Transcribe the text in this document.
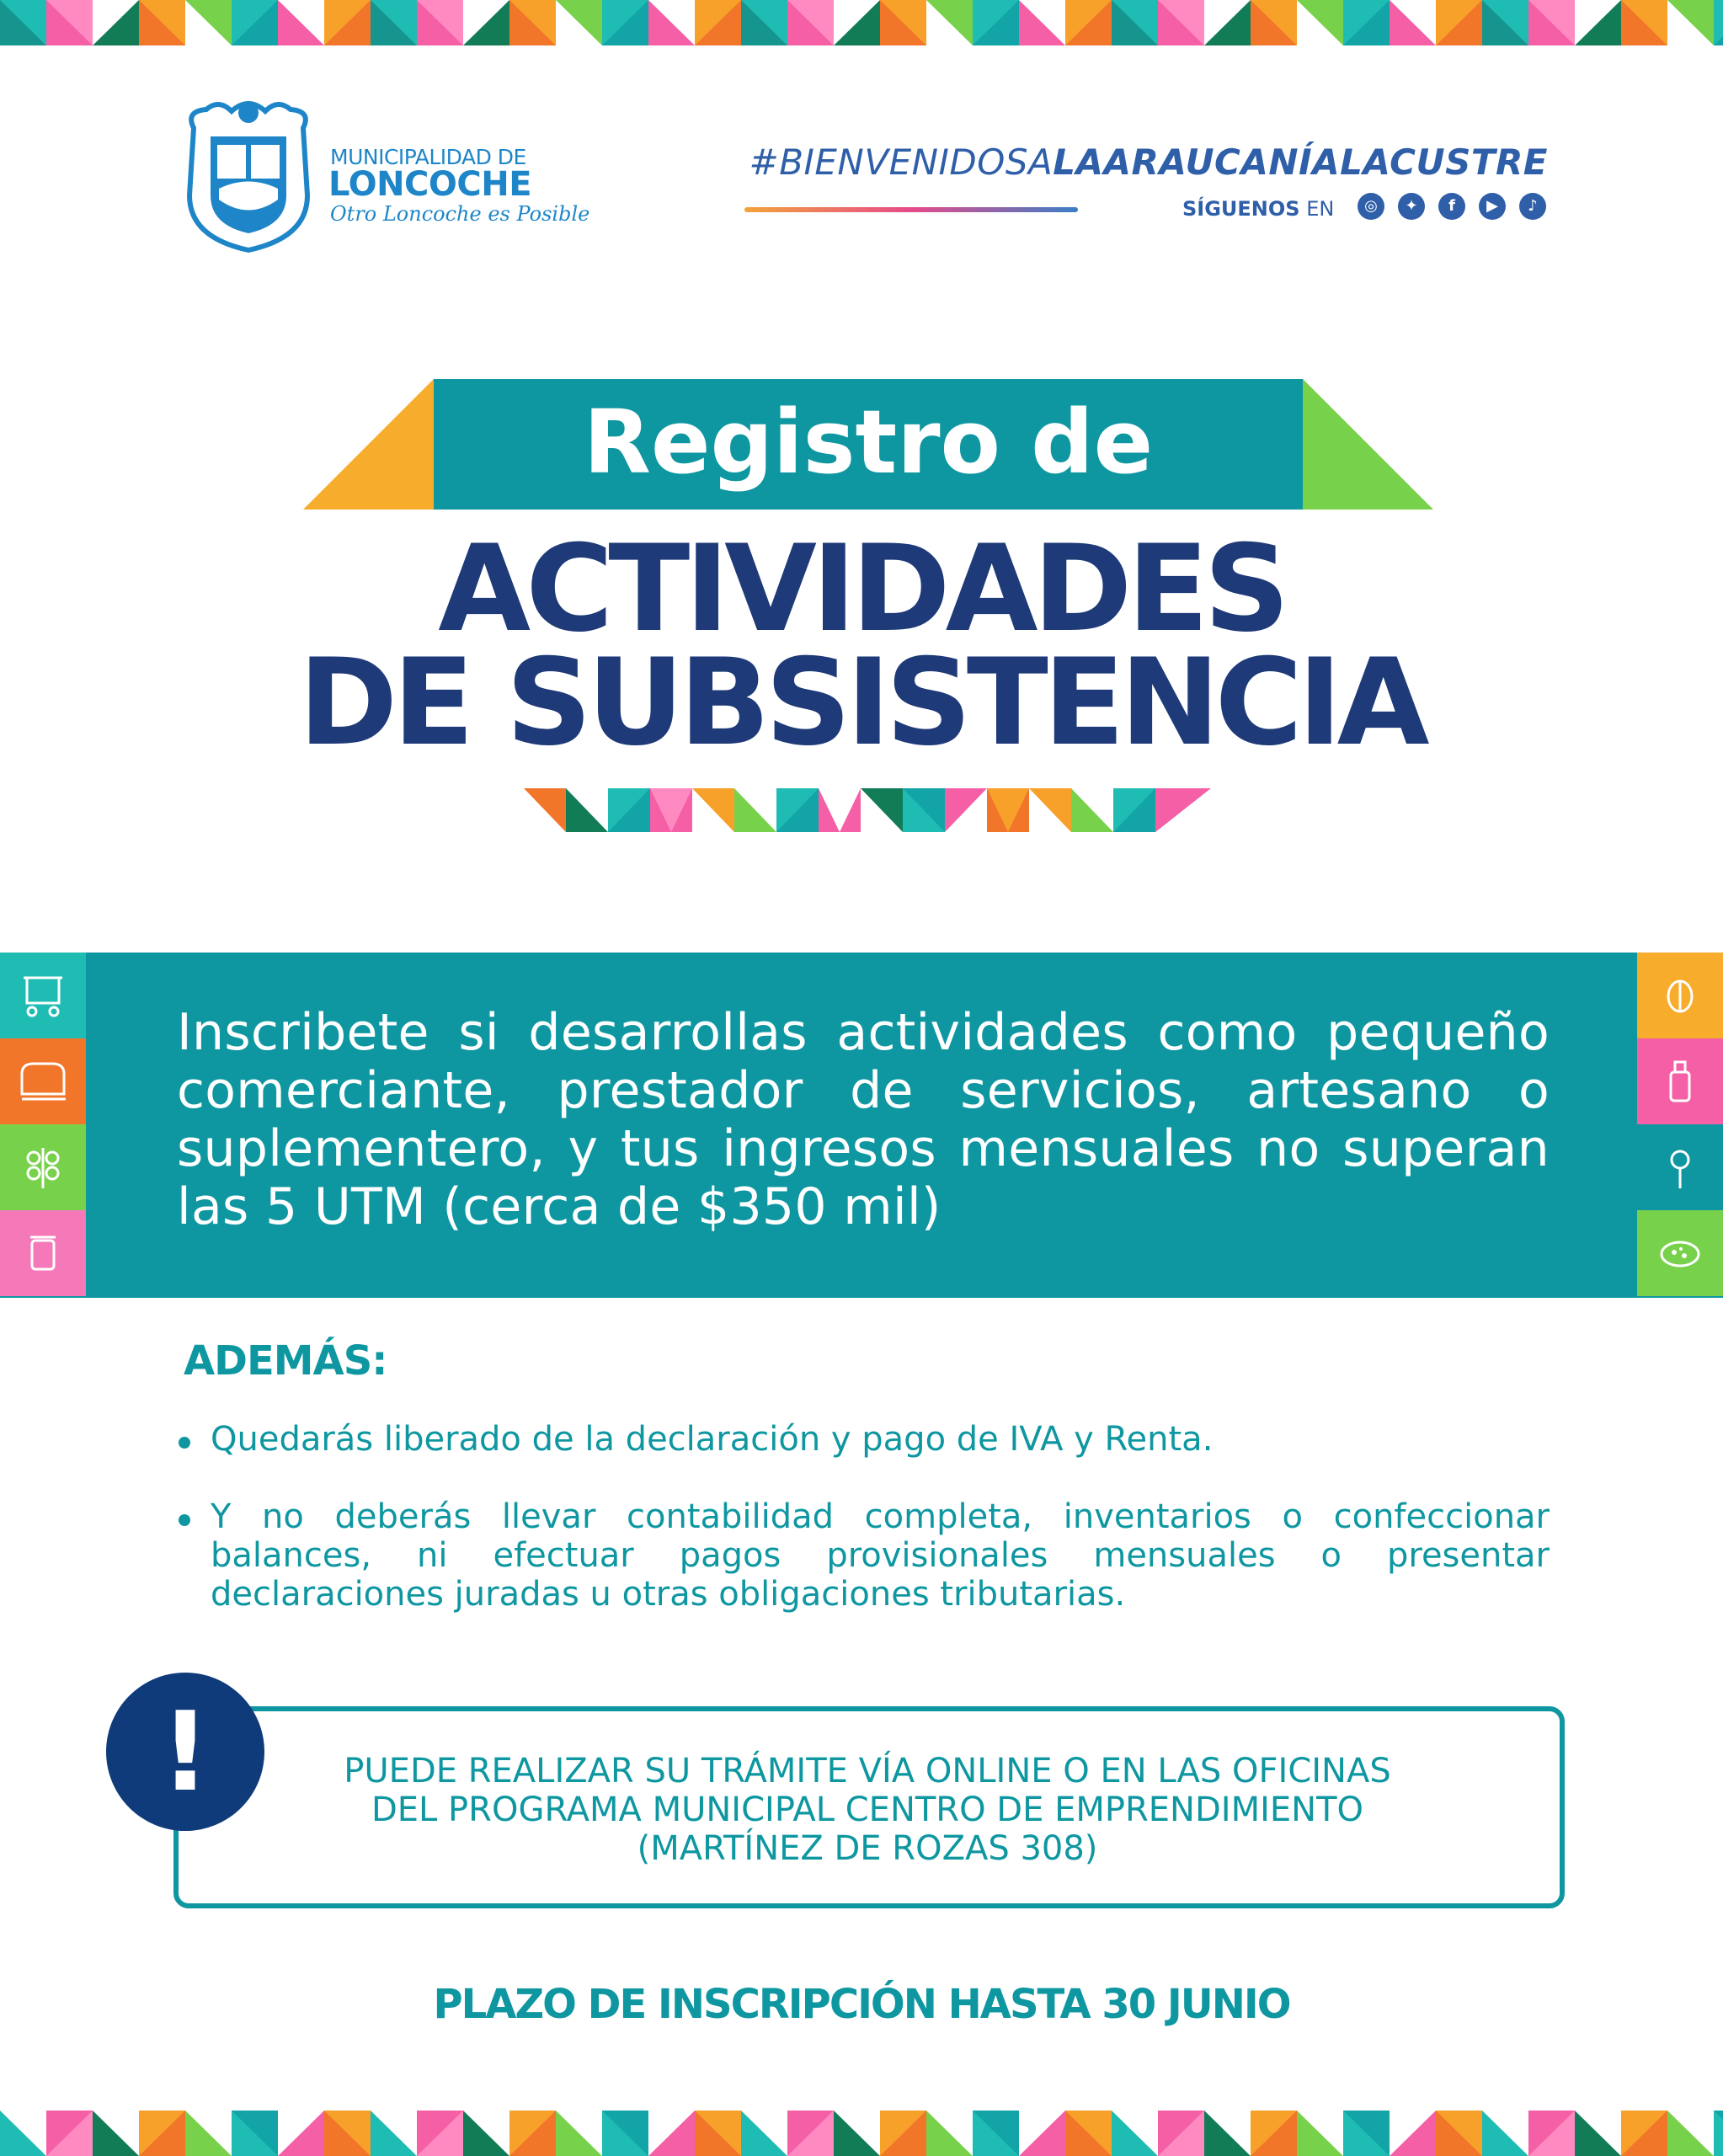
MUNICIPALIDAD DE
LONCOCHE
Otro Loncoche es Posible
#BIENVENIDOSALAARAUCANÍALACUSTRE
SÍGUENOS EN	◎	✦	f	▶	♪
Registro de
ACTIVIDADES
DE SUBSISTENCIA
Inscribete si desarrollas actividades como pequeño comerciante, prestador de servicios, artesano o suplementero, y tus ingresos mensuales no superan las 5 UTM (cerca de $350 mil)
ADEMÁS:
Quedarás liberado de la declaración y pago de IVA y Renta.
Y no deberás llevar contabilidad completa, inventarios o confeccionar balances, ni efectuar pagos provisionales mensuales o presentar declaraciones juradas u otras obligaciones tributarias.
!	PUEDE REALIZAR SU TRÁMITE VÍA ONLINE O EN LAS OFICINAS DEL PROGRAMA MUNICIPAL CENTRO DE EMPRENDIMIENTO (MARTÍNEZ DE ROZAS 308)
PLAZO DE INSCRIPCIÓN HASTA 30 JUNIO
